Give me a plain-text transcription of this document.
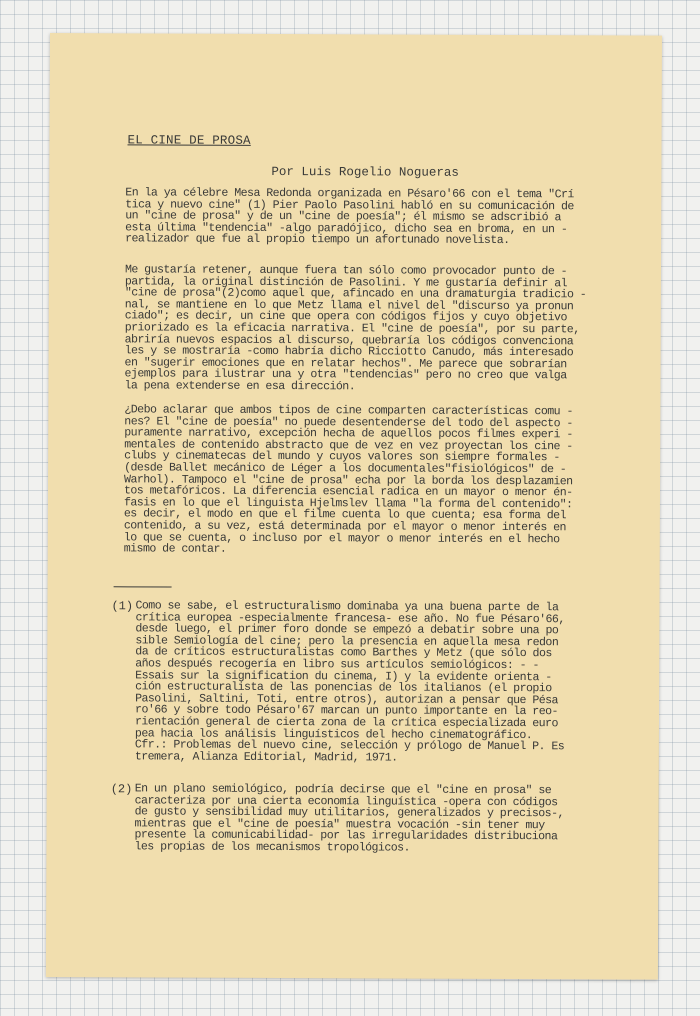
EL CINE DE PROSA
Por Luis Rogelio Nogueras
En la ya célebre Mesa Redonda organizada en Pésaro'66 con el tema "Crí
tica y nuevo cine" (1) Pier Paolo Pasolini habló en su comunicación de
un "cine de prosa" y de un "cine de poesía"; él mismo se adscribió a
esta última "tendencia" -algo paradójico, dicho sea en broma, en un -
realizador que fue al propio tiempo un afortunado novelista.
Me gustaría retener, aunque fuera tan sólo como provocador punto de -
partida, la original distinción de Pasolini. Y me gustaría definir al
"cine de prosa"(2)como aquel que, afincado en una dramaturgia tradicio -
nal, se mantiene en lo que Metz llama el nivel del "discurso ya pronun
ciado"; es decir, un cine que opera con códigos fijos y cuyo objetivo
priorizado es la eficacia narrativa. El "cine de poesía", por su parte,
abriría nuevos espacios al discurso, quebraría los códigos convenciona
les y se mostraría -como habría dicho Ricciotto Canudo, más interesado
en "sugerir emociones que en relatar hechos". Me parece que sobrarían
ejemplos para ilustrar una y otra "tendencias" pero no creo que valga
la pena extenderse en esa dirección.
¿Debo aclarar que ambos tipos de cine comparten características comu -
nes? El "cine de poesía" no puede desentenderse del todo del aspecto -
puramente narrativo, excepción hecha de aquellos pocos filmes experi -
mentales de contenido abstracto que de vez en vez proyectan los cine -
clubs y cinematecas del mundo y cuyos valores son siempre formales -
(desde Ballet mecánico de Léger a los documentales"fisiológicos" de -
Warhol). Tampoco el "cine de prosa" echa por la borda los desplazamien
tos metafóricos. La diferencia esencial radica en un mayor o menor én-
fasis en lo que el linguista Hjelmslev llama "la forma del contenido":
es decir, el modo en que el filme cuenta lo que cuenta; esa forma del
contenido, a su vez, está determinada por el mayor o menor interés en
lo que se cuenta, o incluso por el mayor o menor interés en el hecho
mismo de contar.
(1) Como se sabe, el estructuralismo dominaba ya una buena parte de la
crítica europea -especialmente francesa- ese año. No fue Pésaro'66,
desde luego, el primer foro donde se empezó a debatir sobre una po
sible Semiología del cine; pero la presencia en aquella mesa redon
da de críticos estructuralistas como Barthes y Metz (que sólo dos
años después recogería en libro sus artículos semiológicos: - -
Essais sur la signification du cinema, I) y la evidente orienta -
ción estructuralista de las ponencias de los italianos (el propio
Pasolini, Saltini, Toti, entre otros), autorizan a pensar que Pésa
ro'66 y sobre todo Pésaro'67 marcan un punto importante en la reo-
rientación general de cierta zona de la crítica especializada euro
pea hacia los análisis linguísticos del hecho cinematográfico.
Cfr.: Problemas del nuevo cine, selección y prólogo de Manuel P. Es
tremera, Alianza Editorial, Madrid, 1971.
(2) En un plano semiológico, podría decirse que el "cine en prosa" se
caracteriza por una cierta economía linguística -opera con códigos
de gusto y sensibilidad muy utilitarios, generalizados y precisos-,
mientras que el "cine de poesía" muestra vocación -sin tener muy
presente la comunicabilidad- por las irregularidades distribuciona
les propias de los mecanismos tropológicos.
